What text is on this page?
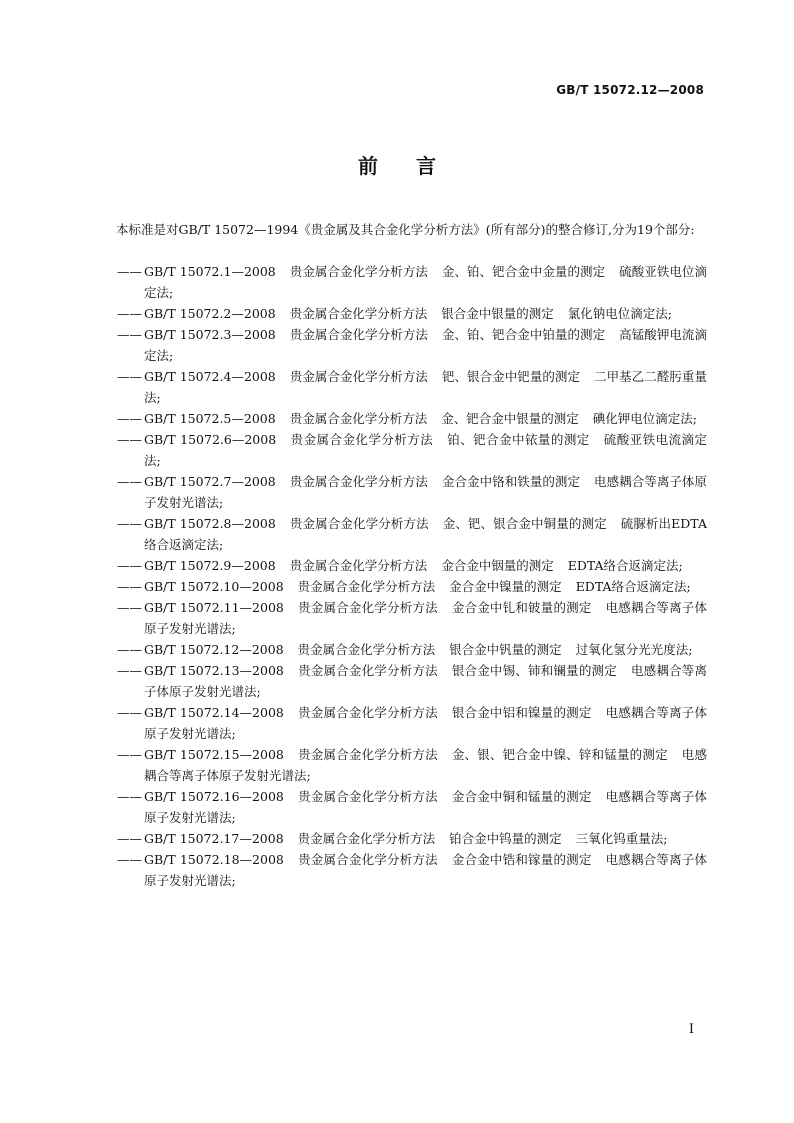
GB/T 15072.12—2008
前言

本标准是对GB/T 15072—1994《贵金属及其合金化学分析方法》(所有部分)的整合修订,分为19个部分:

—— GB/T 15072.1—2008 贵金属合金化学分析方法 金、铂、钯合金中金量的测定 硫酸亚铁电位滴定法;
—— GB/T 15072.2—2008 贵金属合金化学分析方法 银合金中银量的测定 氯化钠电位滴定法;
—— GB/T 15072.3—2008 贵金属合金化学分析方法 金、铂、钯合金中铂量的测定 高锰酸钾电流滴定法;
—— GB/T 15072.4—2008 贵金属合金化学分析方法 钯、银合金中钯量的测定 二甲基乙二醛肟重量法;
—— GB/T 15072.5—2008 贵金属合金化学分析方法 金、钯合金中银量的测定 碘化钾电位滴定法;
—— GB/T 15072.6—2008 贵金属合金化学分析方法 铂、钯合金中铱量的测定 硫酸亚铁电流滴定法;
—— GB/T 15072.7—2008 贵金属合金化学分析方法 金合金中铬和铁量的测定 电感耦合等离子体原子发射光谱法;
—— GB/T 15072.8—2008 贵金属合金化学分析方法 金、钯、银合金中铜量的测定 硫脲析出EDTA络合返滴定法;
—— GB/T 15072.9—2008 贵金属合金化学分析方法 金合金中铟量的测定 EDTA络合返滴定法;
—— GB/T 15072.10—2008 贵金属合金化学分析方法 金合金中镍量的测定 EDTA络合返滴定法;
—— GB/T 15072.11—2008 贵金属合金化学分析方法 金合金中钆和铍量的测定 电感耦合等离子体原子发射光谱法;
—— GB/T 15072.12—2008 贵金属合金化学分析方法 银合金中钒量的测定 过氧化氢分光光度法;
—— GB/T 15072.13—2008 贵金属合金化学分析方法 银合金中锡、铈和镧量的测定 电感耦合等离子体原子发射光谱法;
—— GB/T 15072.14—2008 贵金属合金化学分析方法 银合金中铝和镍量的测定 电感耦合等离子体原子发射光谱法;
—— GB/T 15072.15—2008 贵金属合金化学分析方法 金、银、钯合金中镍、锌和锰量的测定 电感耦合等离子体原子发射光谱法;
—— GB/T 15072.16—2008 贵金属合金化学分析方法 金合金中铜和锰量的测定 电感耦合等离子体原子发射光谱法;
—— GB/T 15072.17—2008 贵金属合金化学分析方法 铂合金中钨量的测定 三氧化钨重量法;
—— GB/T 15072.18—2008 贵金属合金化学分析方法 金合金中锆和镓量的测定 电感耦合等离子体原子发射光谱法;
I
